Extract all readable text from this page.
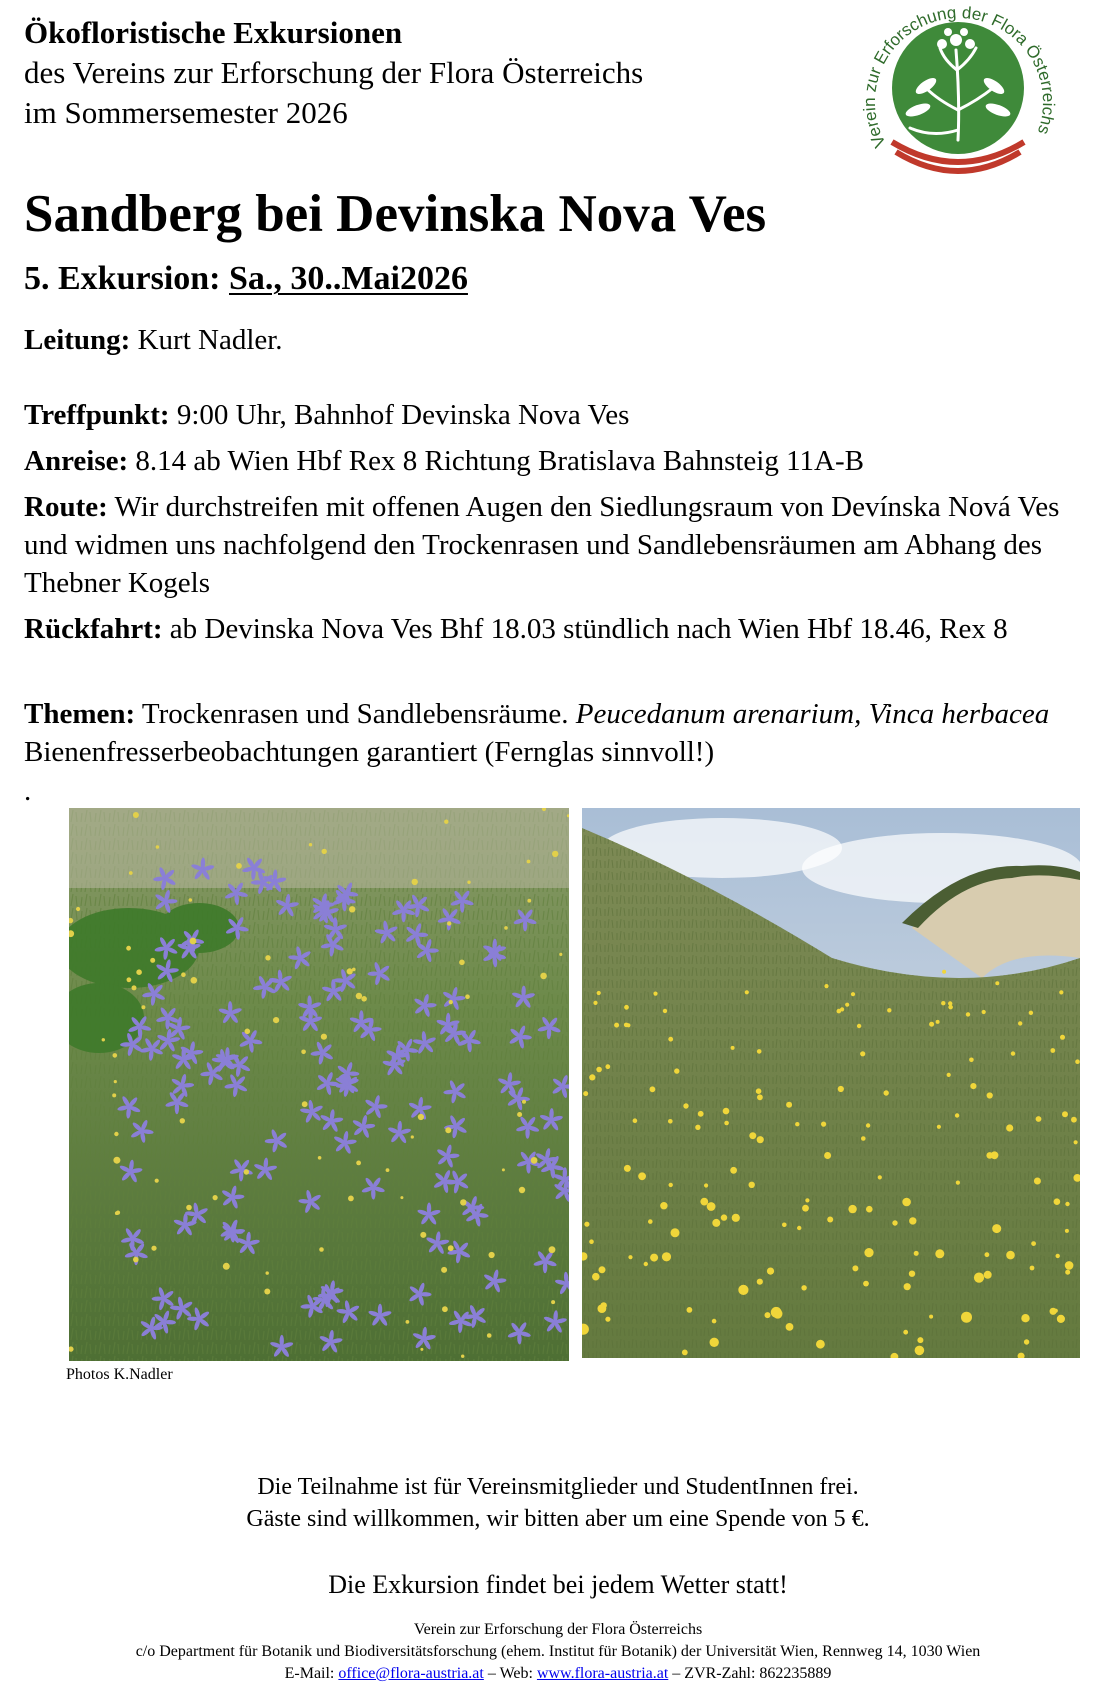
Ökofloristische Exkursionen
des Vereins zur Erforschung der Flora Österreichs
im Sommersemester 2026
Verein zur Erforschung der Flora Österreichs
Sandberg bei Devinska Nova Ves
5. Exkursion: Sa., 30..Mai2026
Leitung: Kurt Nadler.
Treffpunkt: 9:00 Uhr, Bahnhof Devinska Nova Ves
Anreise: 8.14 ab Wien Hbf Rex 8 Richtung Bratislava Bahnsteig 11A-B
Route: Wir durchstreifen mit offenen Augen den Siedlungsraum von Devínska Nová Ves und widmen uns nachfolgend den Trockenrasen und Sandlebensräumen am Abhang des Thebner Kogels
Rückfahrt: ab Devinska Nova Ves Bhf 18.03 stündlich nach Wien Hbf 18.46, Rex 8
Themen: Trockenrasen und Sandlebensräume. Peucedanum arenarium, Vinca herbacea Bienenfresserbeobachtungen garantiert (Fernglas sinnvoll!)
.
Photos K.Nadler
Die Teilnahme ist für Vereinsmitglieder und StudentInnen frei.
Gäste sind willkommen, wir bitten aber um eine Spende von 5 €.
Die Exkursion findet bei jedem Wetter statt!
Verein zur Erforschung der Flora Österreichs
c/o Department für Botanik und Biodiversitätsforschung (ehem. Institut für Botanik) der Universität Wien, Rennweg 14, 1030 Wien
E-Mail: office@flora-austria.at – Web: www.flora-austria.at – ZVR-Zahl: 862235889
